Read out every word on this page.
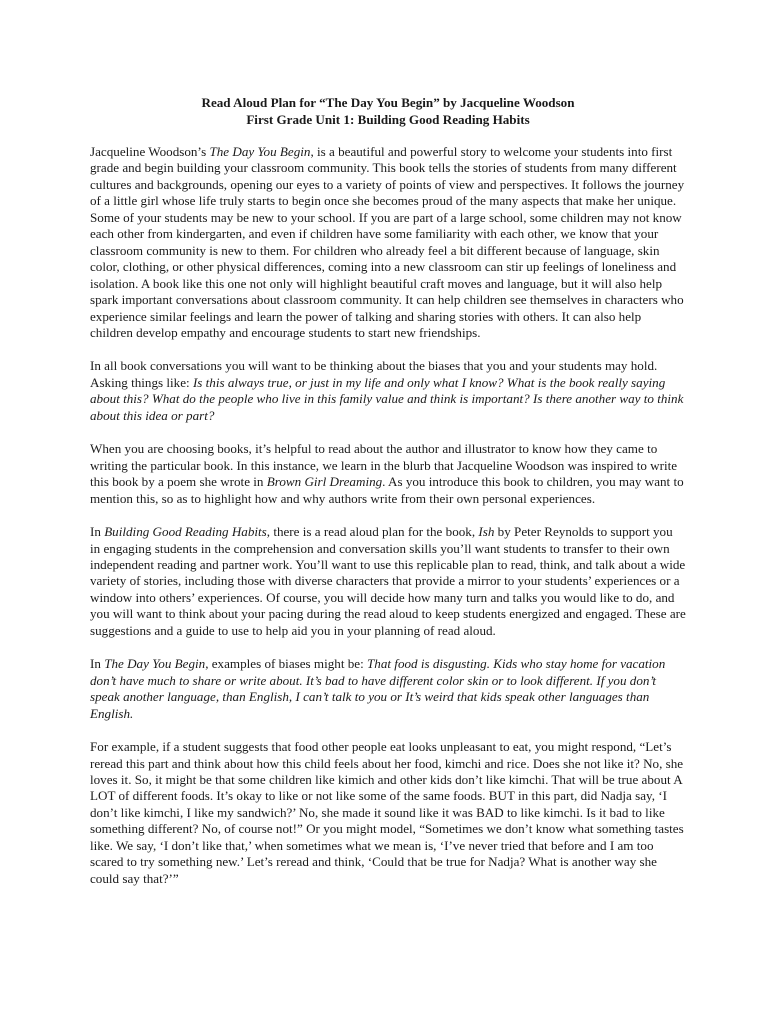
Read Aloud Plan for “The Day You Begin” by Jacqueline Woodson
First Grade Unit 1: Building Good Reading Habits

Jacqueline Woodson’s The Day You Begin, is a beautiful and powerful story to welcome your students into first grade and begin building your classroom community. This book tells the stories of students from many different cultures and backgrounds, opening our eyes to a variety of points of view and perspectives. It follows the journey of a little girl whose life truly starts to begin once she becomes proud of the many aspects that make her unique. Some of your students may be new to your school. If you are part of a large school, some children may not know each other from kindergarten, and even if children have some familiarity with each other, we know that your classroom community is new to them. For children who already feel a bit different because of language, skin color, clothing, or other physical differences, coming into a new classroom can stir up feelings of loneliness and isolation. A book like this one not only will highlight beautiful craft moves and language, but it will also help spark important conversations about classroom community. It can help children see themselves in characters who experience similar feelings and learn the power of talking and sharing stories with others. It can also help children develop empathy and encourage students to start new friendships.

In all book conversations you will want to be thinking about the biases that you and your students may hold. Asking things like: Is this always true, or just in my life and only what I know? What is the book really saying about this? What do the people who live in this family value and think is important? Is there another way to think about this idea or part?

When you are choosing books, it’s helpful to read about the author and illustrator to know how they came to writing the particular book. In this instance, we learn in the blurb that Jacqueline Woodson was inspired to write this book by a poem she wrote in Brown Girl Dreaming. As you introduce this book to children, you may want to mention this, so as to highlight how and why authors write from their own personal experiences.

In Building Good Reading Habits, there is a read aloud plan for the book, Ish by Peter Reynolds to support you in engaging students in the comprehension and conversation skills you’ll want students to transfer to their own independent reading and partner work. You’ll want to use this replicable plan to read, think, and talk about a wide variety of stories, including those with diverse characters that provide a mirror to your students’ experiences or a window into others’ experiences. Of course, you will decide how many turn and talks you would like to do, and you will want to think about your pacing during the read aloud to keep students energized and engaged. These are suggestions and a guide to use to help aid you in your planning of read aloud.

In The Day You Begin, examples of biases might be: That food is disgusting. Kids who stay home for vacation don’t have much to share or write about. It’s bad to have different color skin or to look different. If you don’t speak another language, than English, I can’t talk to you or It’s weird that kids speak other languages than English.

For example, if a student suggests that food other people eat looks unpleasant to eat, you might respond, “Let’s reread this part and think about how this child feels about her food, kimchi and rice. Does she not like it? No, she loves it. So, it might be that some children like kimich and other kids don’t like kimchi. That will be true about A LOT of different foods. It’s okay to like or not like some of the same foods. BUT in this part, did Nadja say, ‘I don’t like kimchi, I like my sandwich?’ No, she made it sound like it was BAD to like kimchi. Is it bad to like something different? No, of course not!” Or you might model, “Sometimes we don’t know what something tastes like. We say, ‘I don’t like that,’ when sometimes what we mean is, ‘I’ve never tried that before and I am too scared to try something new.’ Let’s reread and think, ‘Could that be true for Nadja? What is another way she could say that?’”
